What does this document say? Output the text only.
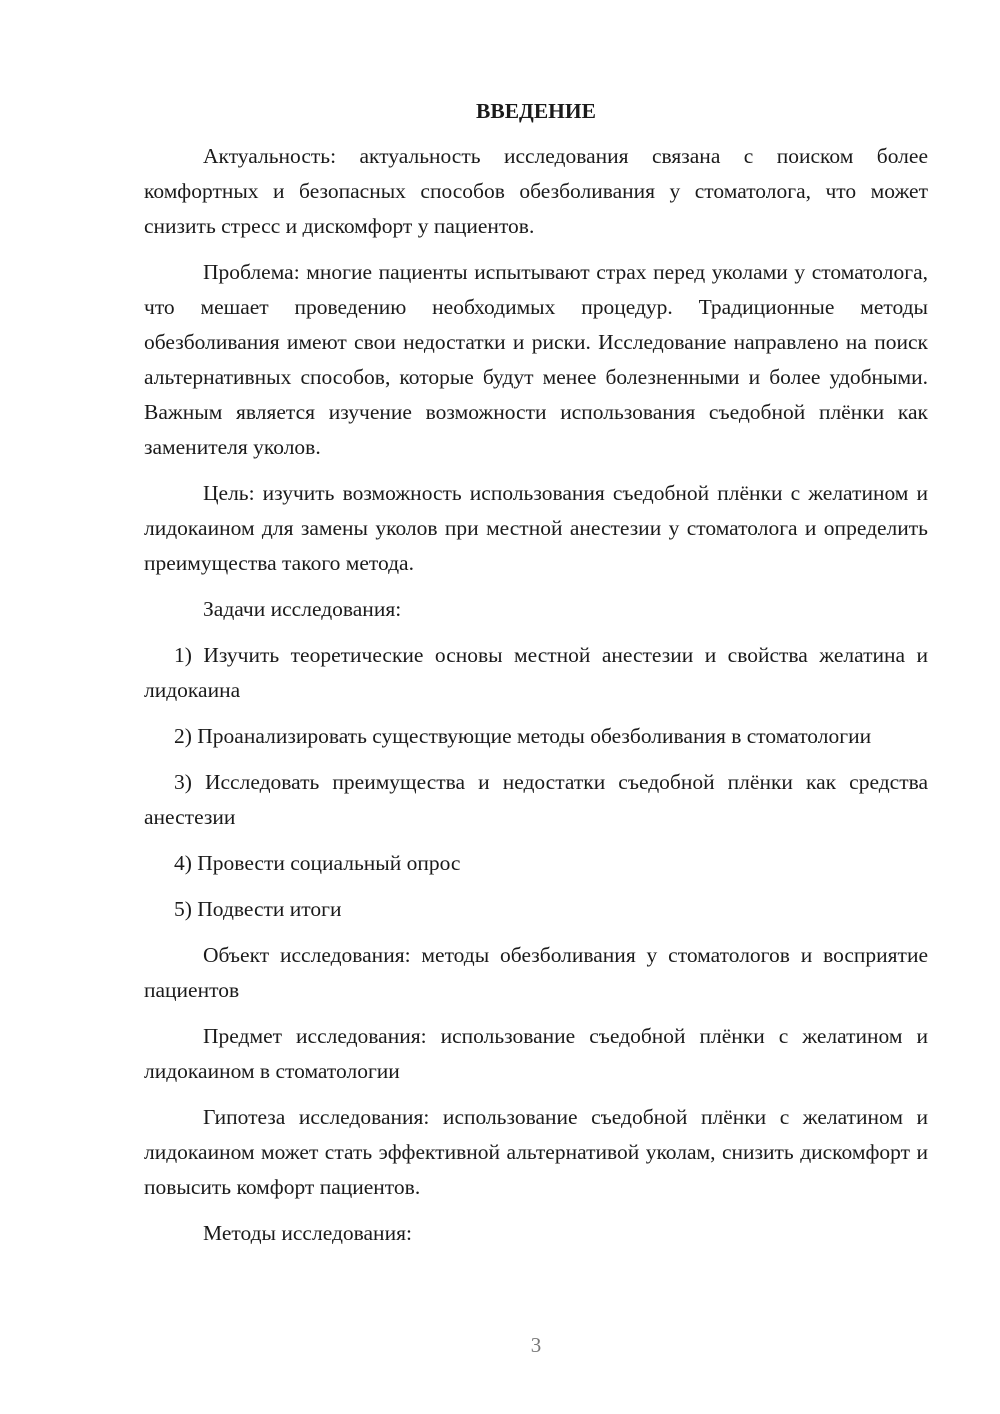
ВВЕДЕНИЕ

Актуальность: актуальность исследования связана с поиском более комфортных и безопасных способов обезболивания у стоматолога, что может снизить стресс и дискомфорт у пациентов.

Проблема: многие пациенты испытывают страх перед уколами у стоматолога, что мешает проведению необходимых процедур. Традиционные методы обезболивания имеют свои недостатки и риски. Исследование направлено на поиск альтернативных способов, которые будут менее болезненными и более удобными. Важным является изучение возможности использования съедобной плёнки как заменителя уколов.

Цель: изучить возможность использования съедобной плёнки с желатином и лидокаином для замены уколов при местной анестезии у стоматолога и определить преимущества такого метода.

Задачи исследования:

1) Изучить теоретические основы местной анестезии и свойства желатина и лидокаина

2) Проанализировать существующие методы обезболивания в стоматологии

3) Исследовать преимущества и недостатки съедобной плёнки как средства анестезии

4) Провести социальный опрос

5) Подвести итоги

Объект исследования: методы обезболивания у стоматологов и восприятие пациентов

Предмет исследования: использование съедобной плёнки с желатином и лидокаином в стоматологии

Гипотеза исследования: использование съедобной плёнки с желатином и лидокаином может стать эффективной альтернативой уколам, снизить дискомфорт и повысить комфорт пациентов.

Методы исследования:

3
